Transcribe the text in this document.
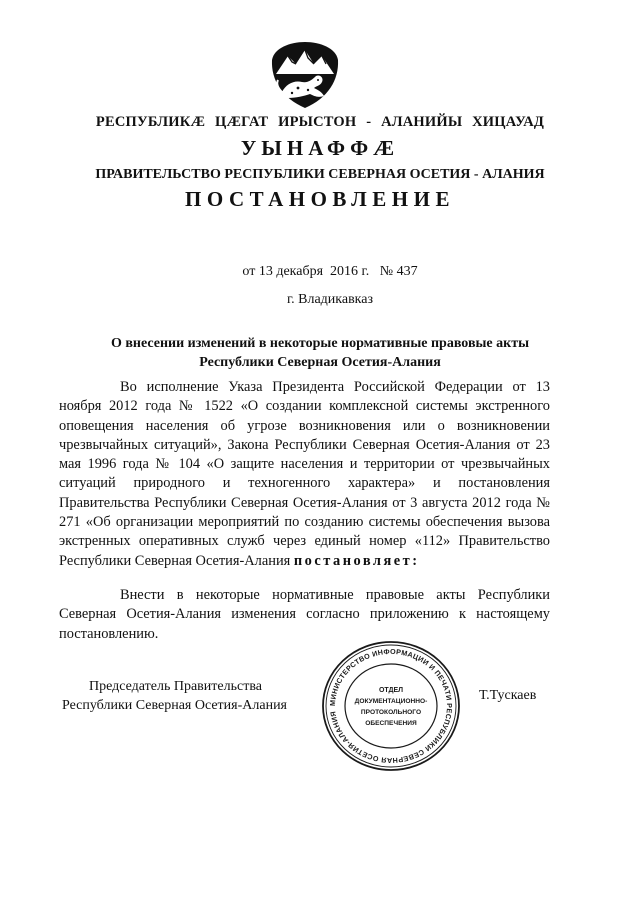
РЕСПУБЛИКÆ ЦÆГАТ ИРЫСТОН - АЛАНИЙЫ ХИЦАУАД
УЫНАФФÆ
ПРАВИТЕЛЬСТВО РЕСПУБЛИКИ СЕВЕРНАЯ ОСЕТИЯ - АЛАНИЯ
ПОСТАНОВЛЕНИЕ
от 13 декабря  2016 г. № 437
г. Владикавказ
О внесении изменений в некоторые нормативные правовые акты
Республики Северная Осетия-Алания
Во исполнение Указа Президента Российской Федерации от 13 ноября 2012 года № 1522 «О создании комплексной системы экстренного оповещения населения об угрозе возникновения или о возникновении чрезвычайных ситуаций», Закона Республики Северная Осетия-Алания от 23 мая 1996 года № 104 «О защите населения и территории от чрезвычайных ситуаций природного и техногенного характера» и постановления Правительства Республики Северная Осетия-Алания от 3 августа 2012 года № 271 «Об организации мероприятий по созданию системы обеспечения вызова экстренных оперативных служб через единый номер «112» Правительство Республики Северная Осетия-Алания постановляет:
Внести в некоторые нормативные правовые акты Республики Северная Осетия-Алания изменения согласно приложению к настоящему постановлению.
Председатель Правительства
Республики Северная Осетия-Алания	МИНИСТЕРСТВО ИНФОРМАЦИИ И ПЕЧАТИ РЕСПУБЛИКИ СЕВЕРНАЯ ОСЕТИЯ-АЛАНИЯ
ОТДЕЛ
ДОКУМЕНТАЦИОННО-
ПРОТОКОЛЬНОГО
ОБЕСПЕЧЕНИЯ
Т.Тускаев
